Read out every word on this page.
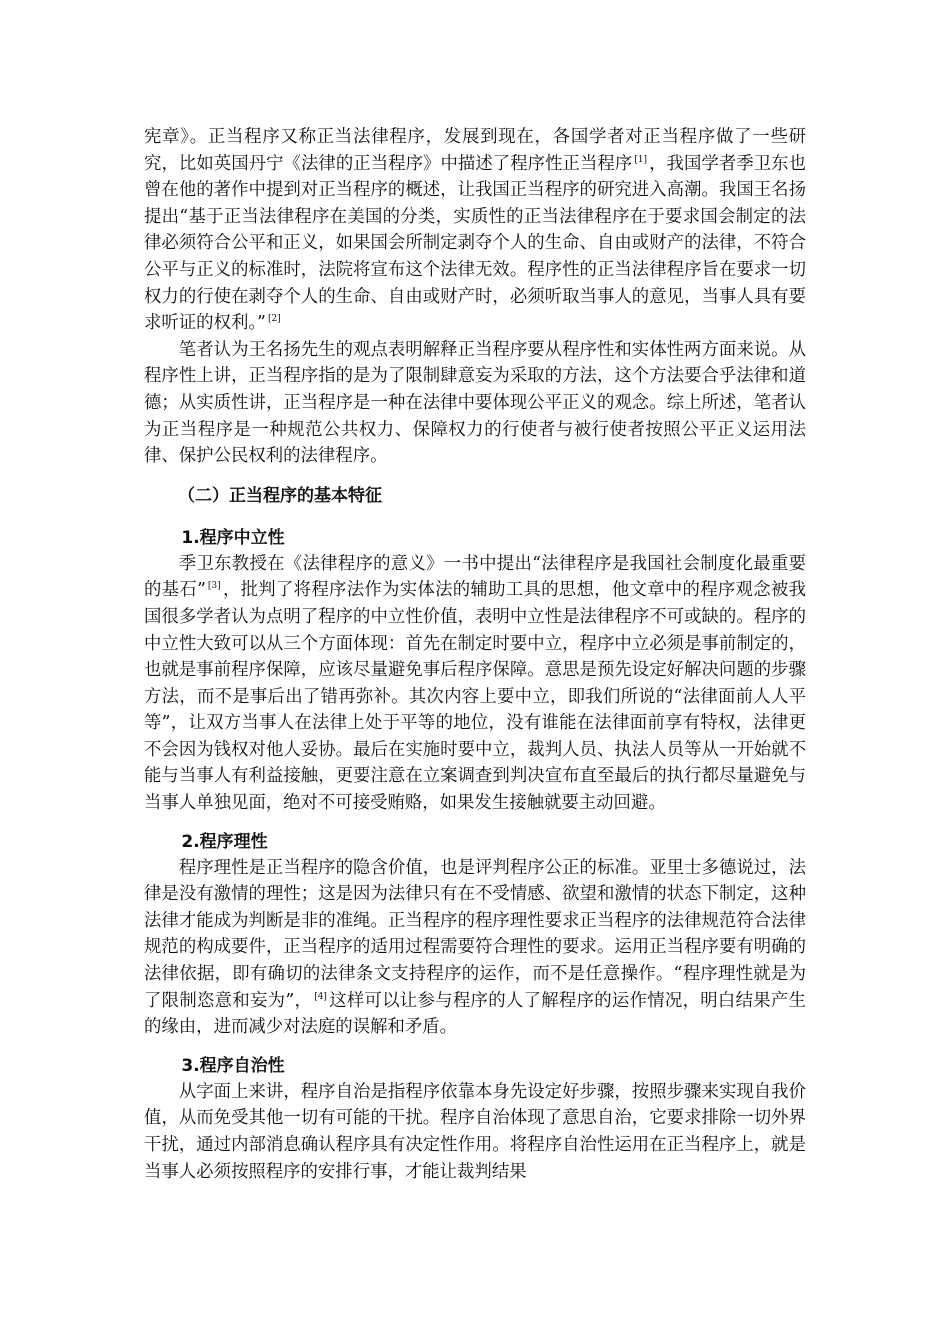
宪章》。正当程序又称正当法律程序，发展到现在，各国学者对正当程序做了一些研究，比如英国丹宁《法律的正当程序》中描述了程序性正当程序 [1] ，我国学者季卫东也曾在他的著作中提到对正当程序的概述，让我国正当程序的研究进入高潮。我国王名扬提出“基于正当法律程序在美国的分类，实质性的正当法律程序在于要求国会制定的法律必须符合公平和正义，如果国会所制定剥夺个人的生命、自由或财产的法律，不符合公平与正义的标准时，法院将宣布这个法律无效。程序性的正当法律程序旨在要求一切权力的行使在剥夺个人的生命、自由或财产时，必须听取当事人的意见，当事人具有要求听证的权利。” [2]

笔者认为王名扬先生的观点表明解释正当程序要从程序性和实体性两方面来说。从程序性上讲，正当程序指的是为了限制肆意妄为采取的方法，这个方法要合乎法律和道德；从实质性讲，正当程序是一种在法律中要体现公平正义的观念。综上所述，笔者认为正当程序是一种规范公共权力、保障权力的行使者与被行使者按照公平正义运用法律、保护公民权利的法律程序。

（二）正当程序的基本特征
1.程序中立性

季卫东教授在《法律程序的意义》一书中提出“法律程序是我国社会制度化最重要的基石” [3] ，批判了将程序法作为实体法的辅助工具的思想，他文章中的程序观念被我国很多学者认为点明了程序的中立性价值，表明中立性是法律程序不可或缺的。程序的中立性大致可以从三个方面体现：首先在制定时要中立，程序中立必须是事前制定的，也就是事前程序保障，应该尽量避免事后程序保障。意思是预先设定好解决问题的步骤方法，而不是事后出了错再弥补。其次内容上要中立，即我们所说的“法律面前人人平等”，让双方当事人在法律上处于平等的地位，没有谁能在法律面前享有特权，法律更不会因为钱权对他人妥协。最后在实施时要中立，裁判人员、执法人员等从一开始就不能与当事人有利益接触，更要注意在立案调查到判决宣布直至最后的执行都尽量避免与当事人单独见面，绝对不可接受贿赂，如果发生接触就要主动回避。

2.程序理性

程序理性是正当程序的隐含价值，也是评判程序公正的标准。亚里士多德说过，法律是没有激情的理性；这是因为法律只有在不受情感、欲望和激情的状态下制定，这种法律才能成为判断是非的准绳。正当程序的程序理性要求正当程序的法律规范符合法律规范的构成要件，正当程序的适用过程需要符合理性的要求。运用正当程序要有明确的法律依据，即有确切的法律条文支持程序的运作，而不是任意操作。“程序理性就是为了限制恣意和妄为”， [4] 这样可以让参与程序的人了解程序的运作情况，明白结果产生的缘由，进而减少对法庭的误解和矛盾。

3.程序自治性

从字面上来讲，程序自治是指程序依靠本身先设定好步骤，按照步骤来实现自我价值，从而免受其他一切有可能的干扰。程序自治体现了意思自治，它要求排除一切外界干扰，通过内部消息确认程序具有决定性作用。将程序自治性运用在正当程序上，就是当事人必须按照程序的安排行事，才能让裁判结果
